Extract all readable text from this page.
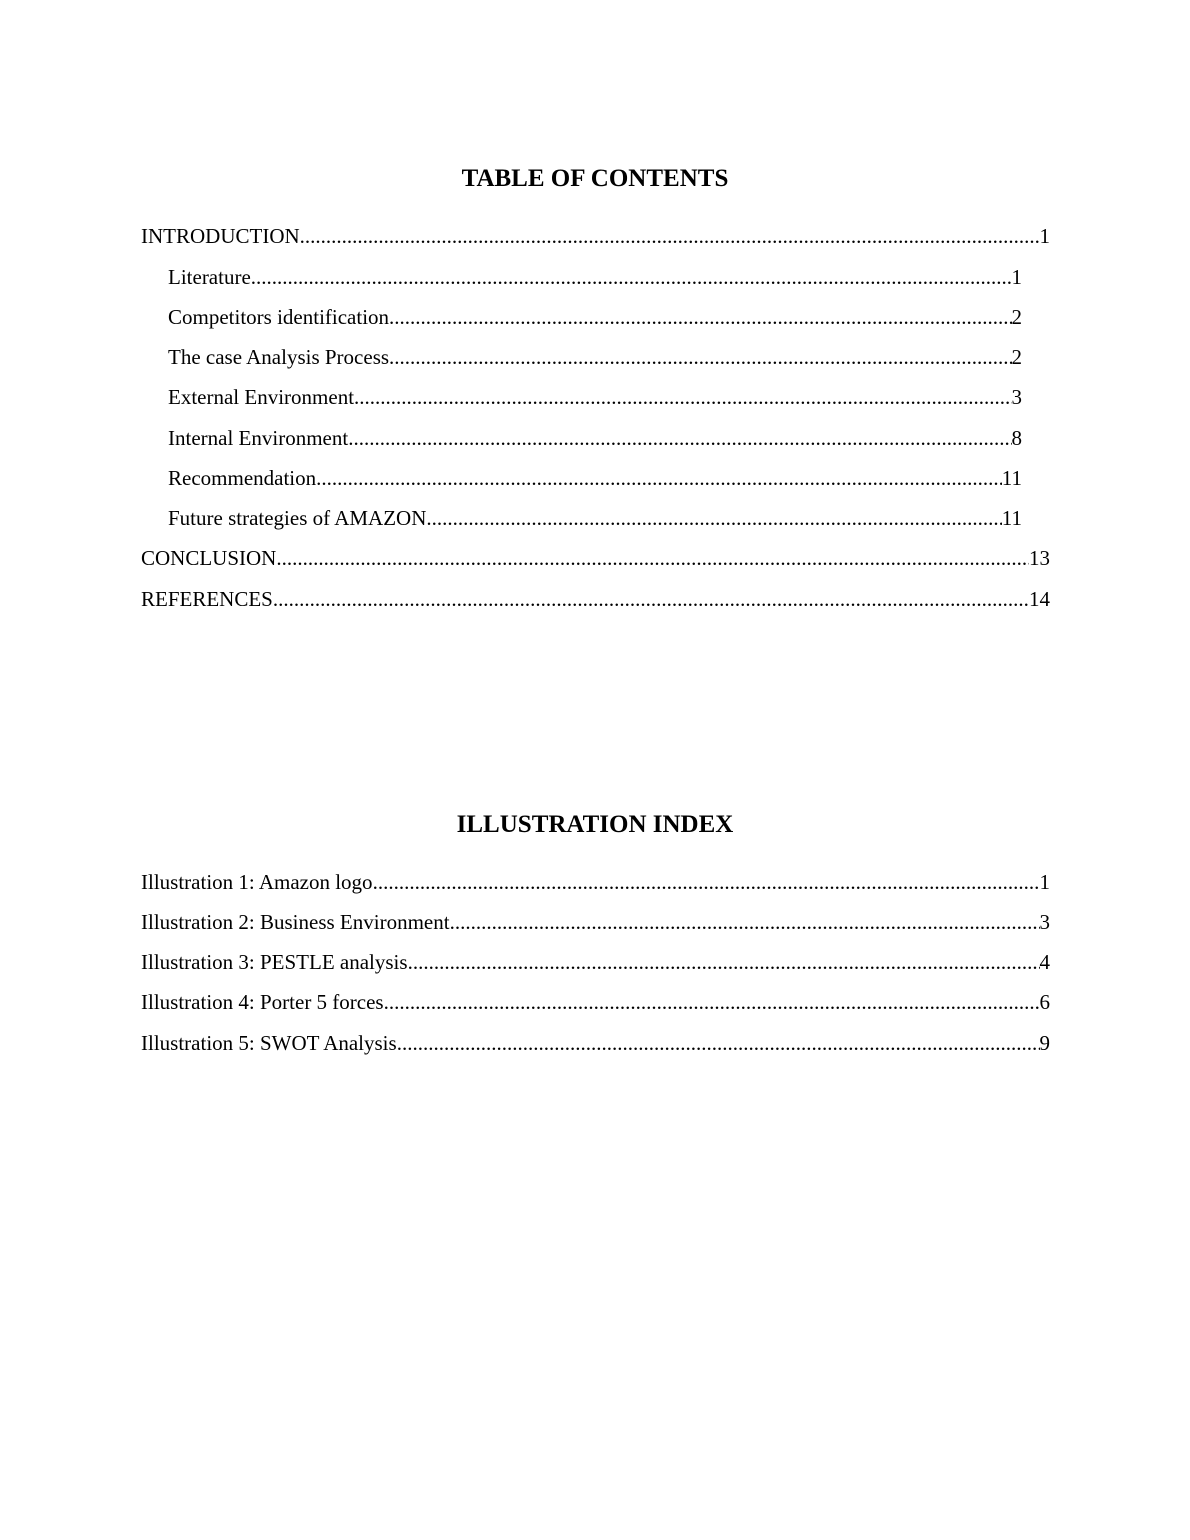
TABLE OF CONTENTS
INTRODUCTION .....	1
Literature .....	1
Competitors identification .....	2
The case Analysis Process .....	2
External Environment .....	3
Internal Environment .....	8
Recommendation .....	11
Future strategies of AMAZON .....	11
CONCLUSION .....	13
REFERENCES .....	14
ILLUSTRATION INDEX
Illustration 1: Amazon logo .....	1
Illustration 2: Business Environment .....	3
Illustration 3: PESTLE analysis .....	4
Illustration 4: Porter 5 forces .....	6
Illustration 5: SWOT Analysis .....	9
